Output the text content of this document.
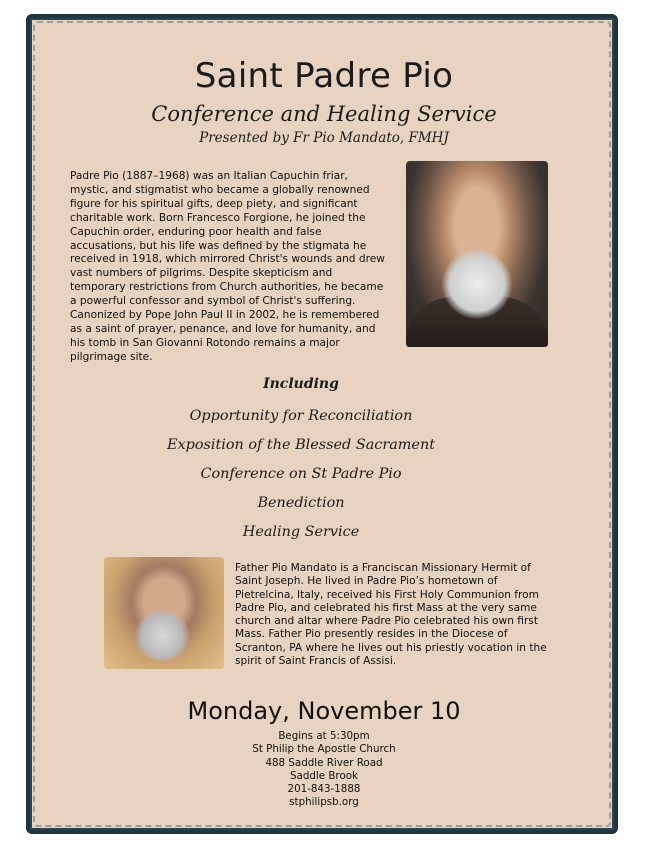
Saint Padre Pio
Conference and Healing Service
Presented by Fr Pio Mandato, FMHJ
Padre Pio (1887–1968) was an Italian Capuchin friar, mystic, and stigmatist who became a globally renowned figure for his spiritual gifts, deep piety, and significant charitable work. Born Francesco Forgione, he joined the Capuchin order, enduring poor health and false accusations, but his life was defined by the stigmata he received in 1918, which mirrored Christ's wounds and drew vast numbers of pilgrims. Despite skepticism and temporary restrictions from Church authorities, he became a powerful confessor and symbol of Christ's suffering. Canonized by Pope John Paul II in 2002, he is remembered as a saint of prayer, penance, and love for humanity, and his tomb in San Giovanni Rotondo remains a major pilgrimage site.
Including
Opportunity for Reconciliation
Exposition of the Blessed Sacrament
Conference on St Padre Pio
Benediction
Healing Service
Father Pio Mandato is a Franciscan Missionary Hermit of Saint Joseph. He lived in Padre Pio’s hometown of Pietrelcina, Italy, received his First Holy Communion from Padre Pio, and celebrated his first Mass at the very same church and altar where Padre Pio celebrated his own first Mass. Father Pio presently resides in the Diocese of Scranton, PA where he lives out his priestly vocation in the spirit of Saint Francis of Assisi.
Monday, November 10
Begins at 5:30pm
St Philip the Apostle Church
488 Saddle River Road
Saddle Brook
201-843-1888
stphilipsb.org
